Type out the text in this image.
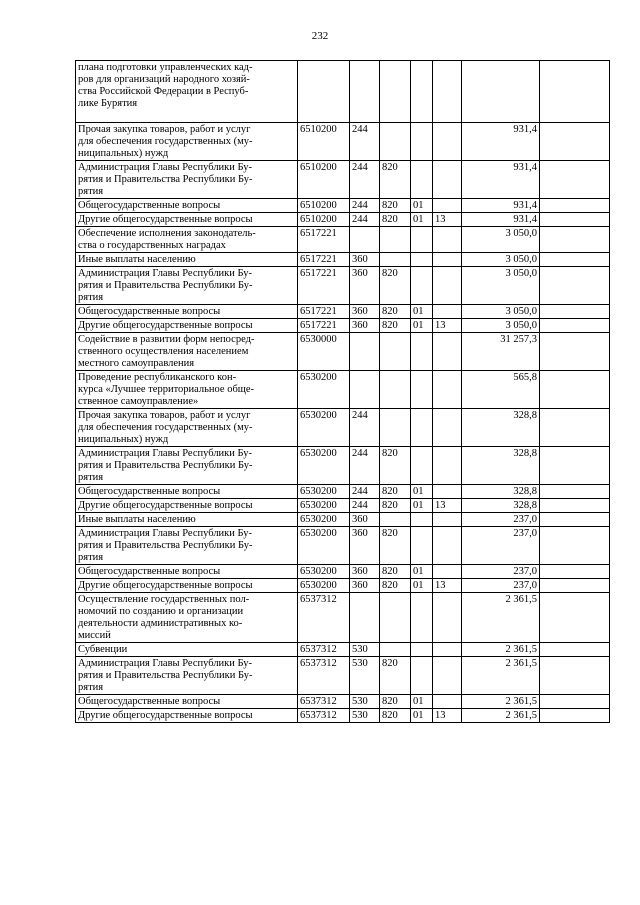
232
плана подготовки управленческих кад-
ров для организаций народного хозяй-
ства Российской Федерации в Респуб-
лике Бурятия							
Прочая закупка товаров, работ и услуг
для обеспечения государственных (му-
ниципальных) нужд	6510200	244				931,4	
Администрация Главы Республики Бу-
рятия и Правительства Республики Бу-
рятия	6510200	244	820			931,4	
Общегосударственные вопросы	6510200	244	820	01		931,4	
Другие общегосударственные вопросы	6510200	244	820	01	13	931,4	
Обеспечение исполнения законодатель-
ства о государственных наградах	6517221					3 050,0	
Иные выплаты населению	6517221	360				3 050,0	
Администрация Главы Республики Бу-
рятия и Правительства Республики Бу-
рятия	6517221	360	820			3 050,0	
Общегосударственные вопросы	6517221	360	820	01		3 050,0	
Другие общегосударственные вопросы	6517221	360	820	01	13	3 050,0	
Содействие в развитии форм непосред-
ственного осуществления населением
местного самоуправления	6530000					31 257,3	
Проведение республиканского кон-
курса «Лучшее территориальное обще-
ственное самоуправление»	6530200					565,8	
Прочая закупка товаров, работ и услуг
для обеспечения государственных (му-
ниципальных) нужд	6530200	244				328,8	
Администрация Главы Республики Бу-
рятия и Правительства Республики Бу-
рятия	6530200	244	820			328,8	
Общегосударственные вопросы	6530200	244	820	01		328,8	
Другие общегосударственные вопросы	6530200	244	820	01	13	328,8	
Иные выплаты населению	6530200	360				237,0	
Администрация Главы Республики Бу-
рятия и Правительства Республики Бу-
рятия	6530200	360	820			237,0	
Общегосударственные вопросы	6530200	360	820	01		237,0	
Другие общегосударственные вопросы	6530200	360	820	01	13	237,0	
Осуществление государственных пол-
номочий по созданию и организации
деятельности административных ко-
миссий	6537312					2 361,5	
Субвенции	6537312	530				2 361,5	
Администрация Главы Республики Бу-
рятия и Правительства Республики Бу-
рятия	6537312	530	820			2 361,5	
Общегосударственные вопросы	6537312	530	820	01		2 361,5	
Другие общегосударственные вопросы	6537312	530	820	01	13	2 361,5	
